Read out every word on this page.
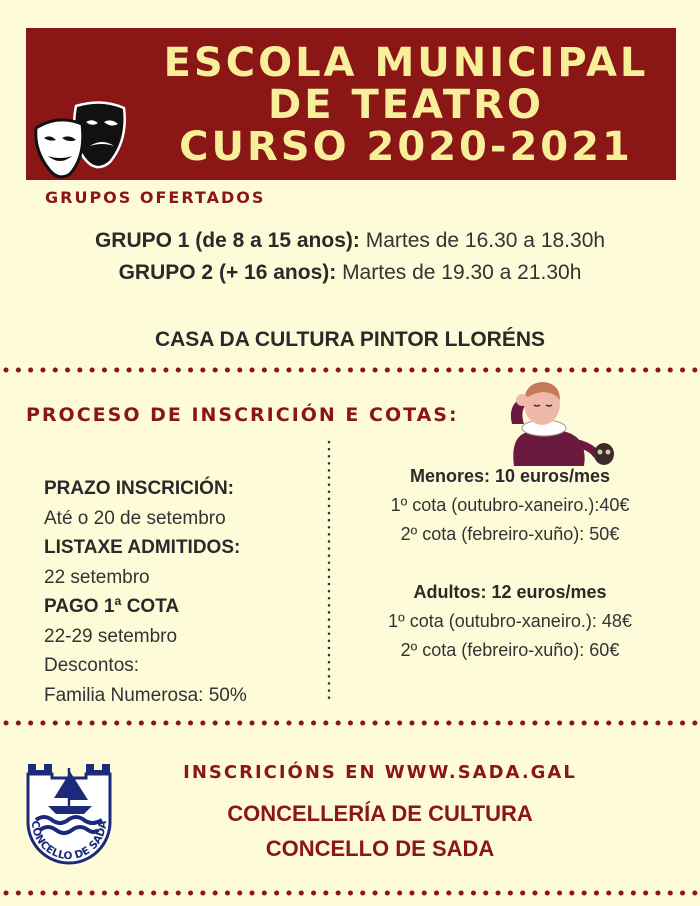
ESCOLA MUNICIPAL
DE TEATRO
CURSO 2020-2021
GRUPOS OFERTADOS
GRUPO 1 (de 8 a 15 anos): Martes de 16.30 a 18.30h
GRUPO 2 (+ 16 anos): Martes de 19.30 a 21.30h
CASA DA CULTURA PINTOR LLORÉNS
PROCESO DE INSCRICIÓN E COTAS:
PRAZO INSCRICIÓN:
Até o 20 de setembro
LISTAXE ADMITIDOS:
22 setembro
PAGO 1ª COTA
22-29 setembro
Descontos:
Familia Numerosa: 50%
Menores: 10 euros/mes
1º cota (outubro-xaneiro.):40€
2º cota (febreiro-xuño): 50€
Adultos: 12 euros/mes
1º cota (outubro-xaneiro.): 48€
2º cota (febreiro-xuño): 60€
CONCELLO DE SADA
INSCRICIÓNS EN WWW.SADA.GAL
CONCELLERÍA DE CULTURA
CONCELLO DE SADA
